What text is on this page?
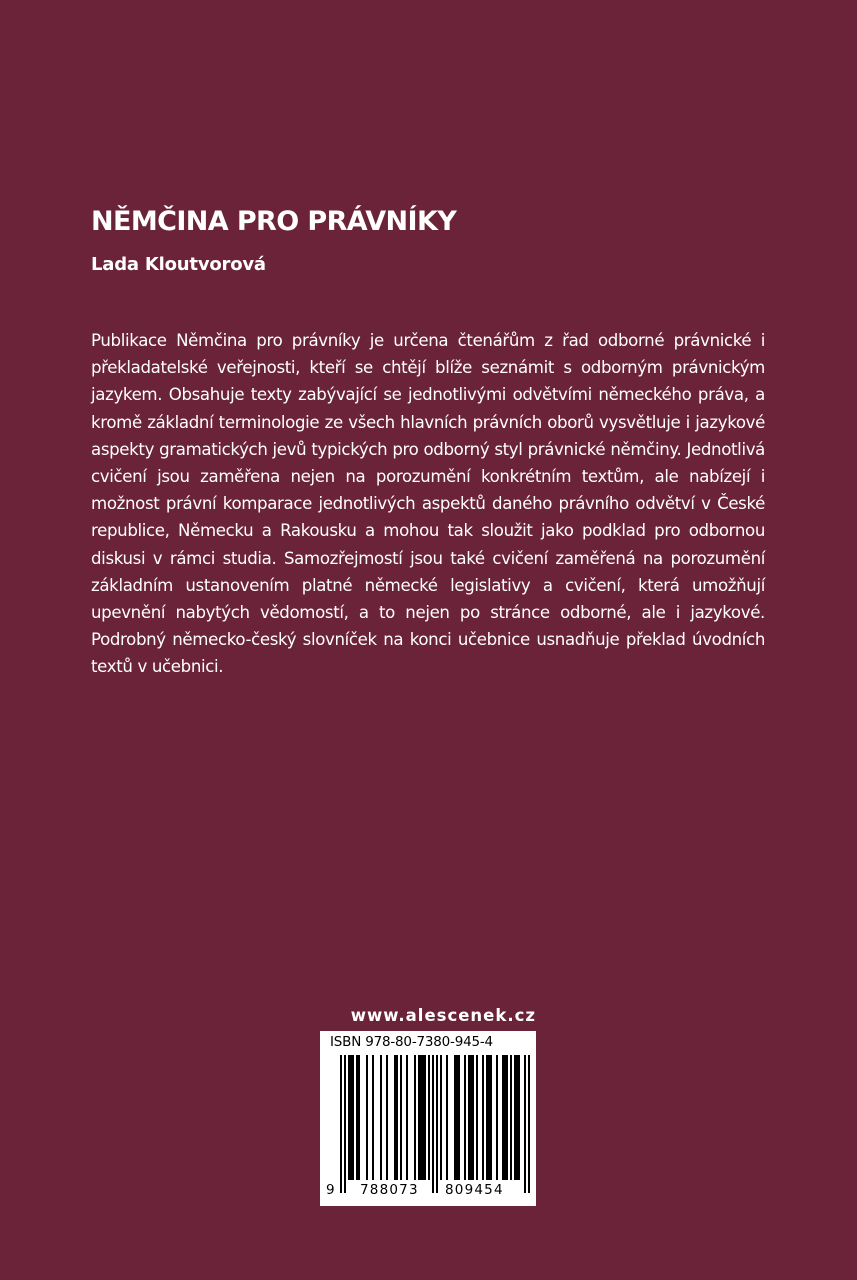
NĚMČINA PRO PRÁVNÍKY
Lada Kloutvorová

Publikace Němčina pro právníky je určena čtenářům z řad odborné právnické i překladatelské veřejnosti, kteří se chtějí blíže seznámit s odborným právnickým jazykem. Obsahuje texty zabývající se jednotlivými odvětvími německého práva, a kromě základní terminologie ze všech hlavních právních oborů vysvětluje i jazykové aspekty gramatických jevů typických pro odborný styl právnické němčiny. Jednotlivá cvičení jsou zaměřena nejen na porozumění konkrétním textům, ale nabízejí i možnost právní komparace jednotlivých aspektů daného právního odvětví v České republice, Německu a Rakousku a mohou tak sloužit jako podklad pro odbornou diskusi v rámci studia. Samozřejmostí jsou také cvičení zaměřená na porozumění základním ustanovením platné německé legislativy a cvičení, která umožňují upevnění nabytých vědomostí, a to nejen po stránce odborné, ale i jazykové. Podrobný německo-český slovníček na konci učebnice usnadňuje překlad úvodních textů v učebnici.

www.alescenek.cz
ISBN 978-80-7380-945-4
9 788073 809454
